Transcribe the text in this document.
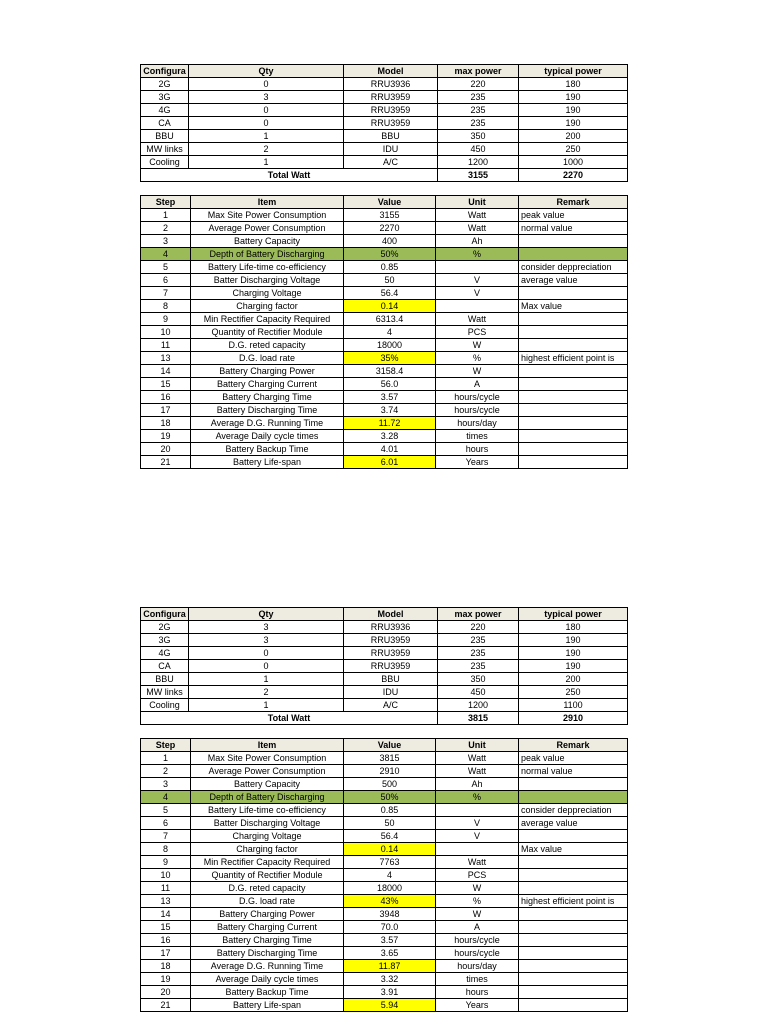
Configura	Qty	Model	max power	typical power
2G	0	RRU3936	220	180
3G	3	RRU3959	235	190
4G	0	RRU3959	235	190
CA	0	RRU3959	235	190
BBU	1	BBU	350	200
MW links	2	IDU	450	250
Cooling	1	A/C	1200	1000
Total Watt			3155	2270
Step	Item	Value	Unit	Remark
1	Max Site Power Consumption	3155	Watt	peak value
2	Average Power Consumption	2270	Watt	normal value
3	Battery Capacity	400	Ah	
4	Depth of Battery Discharging	50%	%	
5	Battery Life-time co-efficiency	0.85		consider deppreciation
6	Batter Discharging Voltage	50	V	average value
7	Charging Voltage	56.4	V	
8	Charging factor	0.14		Max value
9	Min Rectifier Capacity Required	6313.4	Watt	
10	Quantity of Rectifier Module	4	PCS	
11	D.G. reted capacity	18000	W	
13	D.G. load rate	35%	%	highest efficient point is
14	Battery Charging Power	3158.4	W	
15	Battery Charging Current	56.0	A	
16	Battery Charging Time	3.57	hours/cycle	
17	Battery Discharging Time	3.74	hours/cycle	
18	Average D.G. Running Time	11.72	hours/day	
19	Average Daily cycle times	3.28	times	
20	Battery Backup Time	4.01	hours	
21	Battery Life-span	6.01	Years	
Configura	Qty	Model	max power	typical power
2G	3	RRU3936	220	180
3G	3	RRU3959	235	190
4G	0	RRU3959	235	190
CA	0	RRU3959	235	190
BBU	1	BBU	350	200
MW links	2	IDU	450	250
Cooling	1	A/C	1200	1100
Total Watt			3815	2910
Step	Item	Value	Unit	Remark
1	Max Site Power Consumption	3815	Watt	peak value
2	Average Power Consumption	2910	Watt	normal value
3	Battery Capacity	500	Ah	
4	Depth of Battery Discharging	50%	%	
5	Battery Life-time co-efficiency	0.85		consider deppreciation
6	Batter Discharging Voltage	50	V	average value
7	Charging Voltage	56.4	V	
8	Charging factor	0.14		Max value
9	Min Rectifier Capacity Required	7763	Watt	
10	Quantity of Rectifier Module	4	PCS	
11	D.G. reted capacity	18000	W	
13	D.G. load rate	43%	%	highest efficient point is
14	Battery Charging Power	3948	W	
15	Battery Charging Current	70.0	A	
16	Battery Charging Time	3.57	hours/cycle	
17	Battery Discharging Time	3.65	hours/cycle	
18	Average D.G. Running Time	11.87	hours/day	
19	Average Daily cycle times	3.32	times	
20	Battery Backup Time	3.91	hours	
21	Battery Life-span	5.94	Years	
